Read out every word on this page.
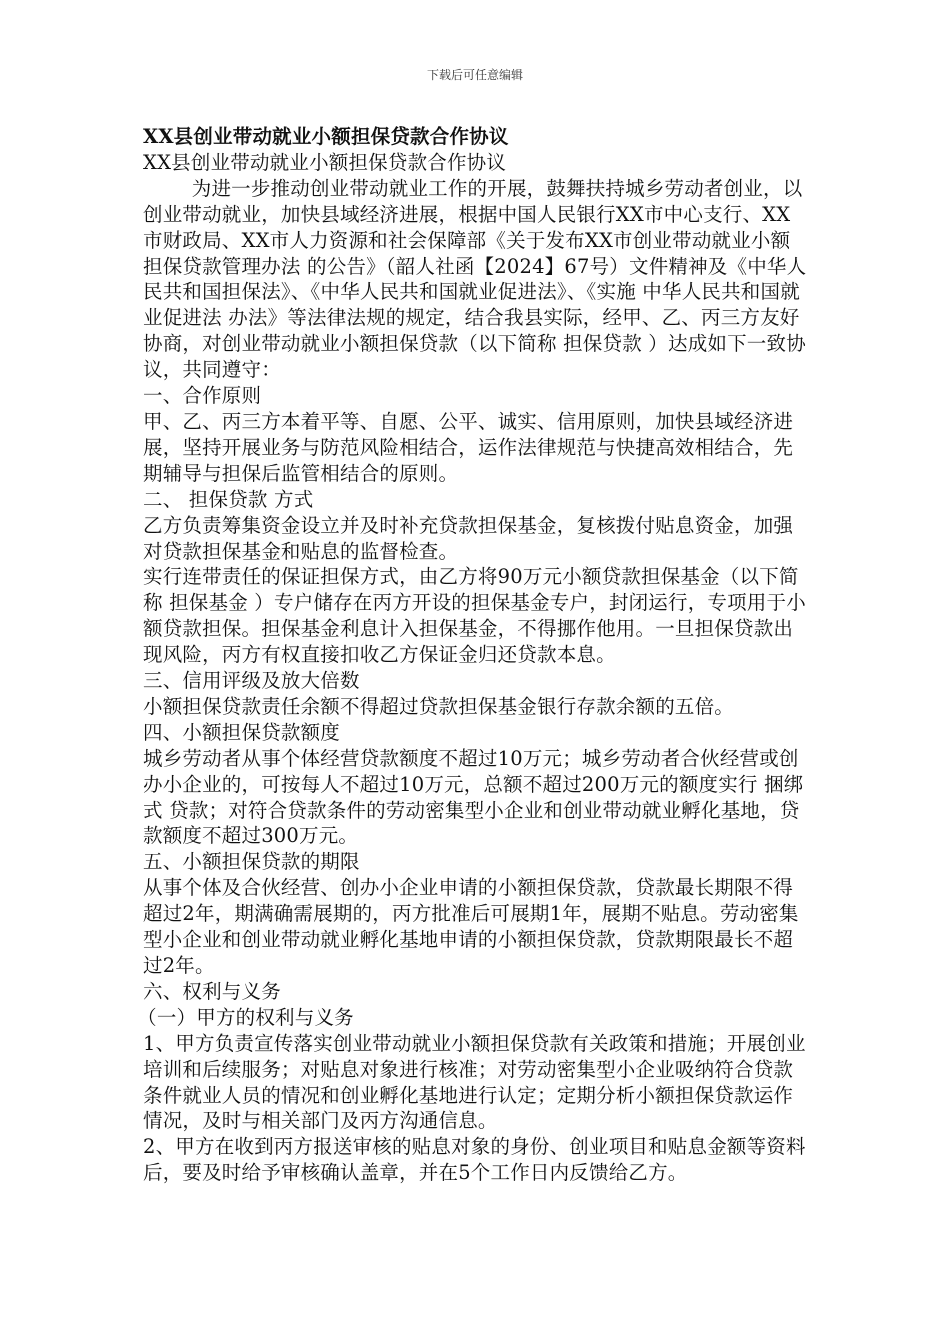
下载后可任意编辑

XX县创业带动就业小额担保贷款合作协议

XX县创业带动就业小额担保贷款合作协议

为进一步推动创业带动就业工作的开展，鼓舞扶持城乡劳动者创业，以创业带动就业，加快县域经济进展，根据中国人民银行XX市中心支行、XX市财政局、XX市人力资源和社会保障部《关于发布XX市创业带动就业小额担保贷款管理办法 的公告》（韶人社函【2024】67号）文件精神及《中华人民共和国担保法》、《中华人民共和国就业促进法》、《实施 中华人民共和国就业促进法 办法》等法律法规的规定，结合我县实际，经甲、乙、丙三方友好协商，对创业带动就业小额担保贷款（以下简称 担保贷款 ）达成如下一致协议，共同遵守：

一、合作原则

甲、乙、丙三方本着平等、自愿、公平、诚实、信用原则，加快县域经济进展，坚持开展业务与防范风险相结合，运作法律规范与快捷高效相结合，先期辅导与担保后监管相结合的原则。

二、 担保贷款 方式

乙方负责筹集资金设立并及时补充贷款担保基金，复核拨付贴息资金，加强对贷款担保基金和贴息的监督检查。

实行连带责任的保证担保方式，由乙方将90万元小额贷款担保基金（以下简称 担保基金 ）专户储存在丙方开设的担保基金专户，封闭运行，专项用于小额贷款担保。担保基金利息计入担保基金，不得挪作他用。一旦担保贷款出现风险，丙方有权直接扣收乙方保证金归还贷款本息。

三、信用评级及放大倍数

小额担保贷款责任余额不得超过贷款担保基金银行存款余额的五倍。

四、小额担保贷款额度

城乡劳动者从事个体经营贷款额度不超过10万元；城乡劳动者合伙经营或创办小企业的，可按每人不超过10万元，总额不超过200万元的额度实行 捆绑式 贷款；对符合贷款条件的劳动密集型小企业和创业带动就业孵化基地，贷款额度不超过300万元。

五、小额担保贷款的期限

从事个体及合伙经营、创办小企业申请的小额担保贷款，贷款最长期限不得超过2年，期满确需展期的，丙方批准后可展期1年，展期不贴息。劳动密集型小企业和创业带动就业孵化基地申请的小额担保贷款，贷款期限最长不超过2年。

六、权利与义务

（一）甲方的权利与义务

1、甲方负责宣传落实创业带动就业小额担保贷款有关政策和措施；开展创业培训和后续服务；对贴息对象进行核准；对劳动密集型小企业吸纳符合贷款条件就业人员的情况和创业孵化基地进行认定；定期分析小额担保贷款运作情况，及时与相关部门及丙方沟通信息。

2、甲方在收到丙方报送审核的贴息对象的身份、创业项目和贴息金额等资料后，要及时给予审核确认盖章，并在5个工作日内反馈给乙方。
